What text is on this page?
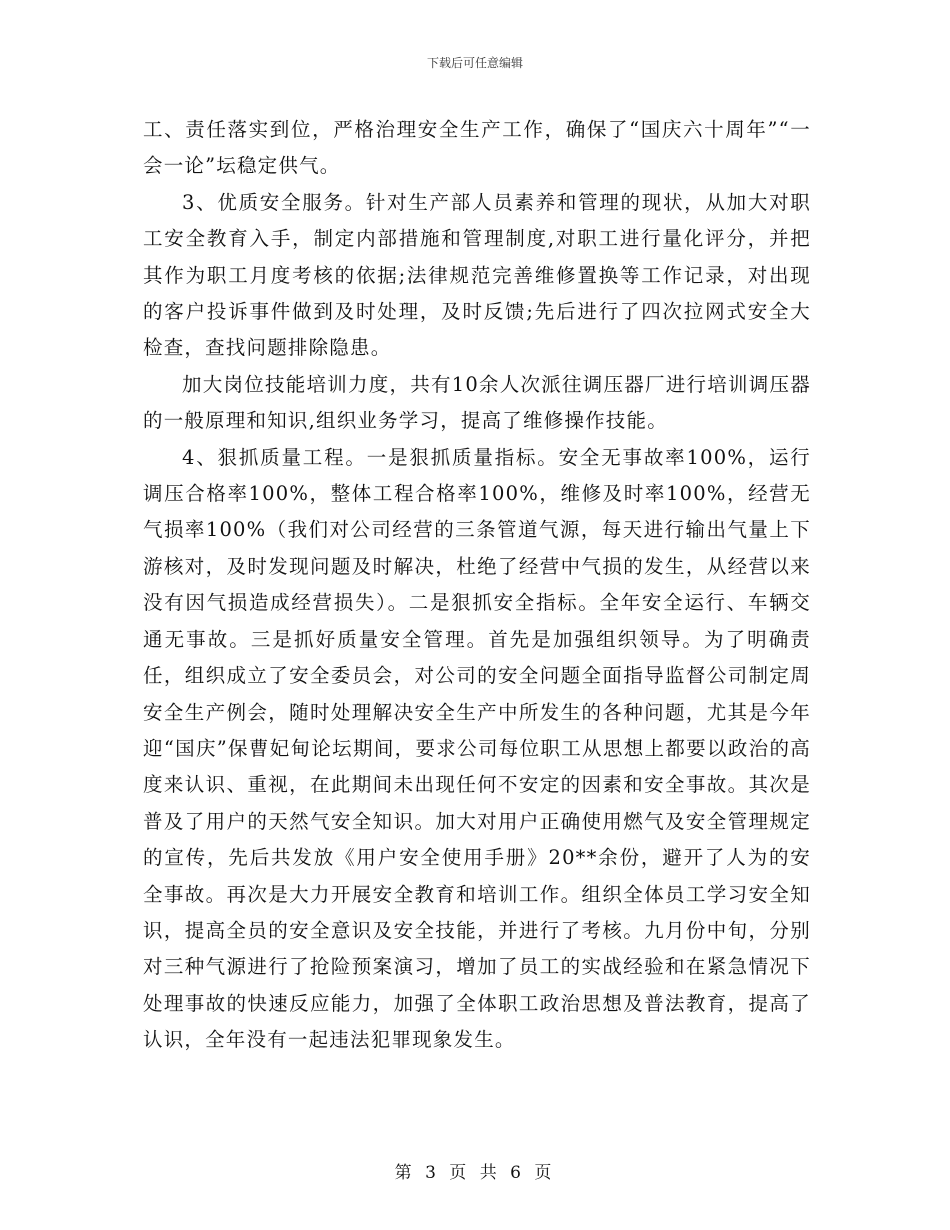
下载后可任意编辑

工、责任落实到位，严格治理安全生产工作，确保了“国庆六十周年”“一会一论”坛稳定供气。

3、优质安全服务。针对生产部人员素养和管理的现状，从加大对职工安全教育入手，制定内部措施和管理制度,对职工进行量化评分，并把其作为职工月度考核的依据;法律规范完善维修置换等工作记录，对出现的客户投诉事件做到及时处理，及时反馈;先后进行了四次拉网式安全大检查，查找问题排除隐患。

加大岗位技能培训力度，共有10余人次派往调压器厂进行培训调压器的一般原理和知识,组织业务学习，提高了维修操作技能。

4、狠抓质量工程。一是狠抓质量指标。安全无事故率100%，运行调压合格率100%，整体工程合格率100%，维修及时率100%，经营无气损率100%（我们对公司经营的三条管道气源，每天进行输出气量上下游核对，及时发现问题及时解决，杜绝了经营中气损的发生，从经营以来没有因气损造成经营损失）。二是狠抓安全指标。全年安全运行、车辆交通无事故。三是抓好质量安全管理。首先是加强组织领导。为了明确责任，组织成立了安全委员会，对公司的安全问题全面指导监督公司制定周安全生产例会，随时处理解决安全生产中所发生的各种问题，尤其是今年迎“国庆”保曹妃甸论坛期间，要求公司每位职工从思想上都要以政治的高度来认识、重视，在此期间未出现任何不安定的因素和安全事故。其次是普及了用户的天然气安全知识。加大对用户正确使用燃气及安全管理规定的宣传，先后共发放《用户安全使用手册》20**余份，避开了人为的安全事故。再次是大力开展安全教育和培训工作。组织全体员工学习安全知识，提高全员的安全意识及安全技能，并进行了考核。九月份中旬，分别对三种气源进行了抢险预案演习，增加了员工的实战经验和在紧急情况下处理事故的快速反应能力，加强了全体职工政治思想及普法教育，提高了认识，全年没有一起违法犯罪现象发生。

第 3 页 共 6 页
